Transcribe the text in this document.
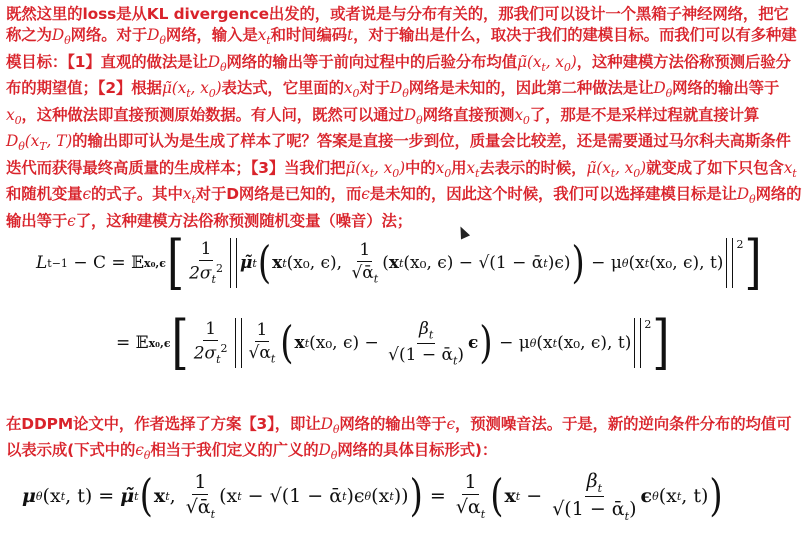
既然这里的loss是从KL divergence出发的，或者说是与分布有关的，那我们可以设计一个黑箱子神经网络，把它称之为$D_\theta$网络。对于$D_\theta$网络，输入是$x_t$和时间编码t，对于输出是什么，取决于我们的建模目标。而我们可以有多种建模目标：【1】直观的做法是让$D_\theta$网络的输出等于前向过程中的后验分布均值$\mũ(x_t$, $x_0$)，这种建模方法俗称预测后验分布的期望值；【2】根据$\mũ(x_t$, $x_0$)表达式，它里面的$x_0$对于$D_\theta$网络是未知的，因此第二种做法是让$D_\theta$网络的输出等于$x_0$，这种做法即直接预测原始数据。有人问，既然可以通过$D_\theta$网络直接预测$x_0$了，那是不是采样过程就直接计算$D_\theta(x_T$, T)的输出即可认为是生成了样本了呢？答案是直接一步到位，质量会比较差，还是需要通过马尔科夫高斯条件迭代而获得最终高质量的生成样本；【3】当我们把$\mũ(x_t$, $x_0$)中的$x_0$用$x_t$去表示的时候，$\mũ(x_t$, $x_0$)就变成了如下只包含$x_t$和随机变量ϵ的式子。其中$x_t$对于D网络是已知的，而ϵ是未知的，因此这个时候，我们可以选择建模目标是让$D_\theta$网络的输出等于ϵ了，这种建模方法俗称预测随机变量（噪音）法；
L t−1 − C = 𝔼 x₀,ϵ [ $\frac{1}{2\sigma_t^2}$ μ̃ t ( x t (x₀, ϵ) , $\frac{1}{√ᾱ_t}$ ( x t (x₀, ϵ) − √(1 − ᾱ t )ϵ) ) − μ θ (x t (x₀, ϵ), t)
$^2$ ]
=
𝔼 x₀,ϵ [ $\frac{1}{2\sigma_t^2} \frac{1}{√\alpha_t}$ ( x t (x₀, $\epsilon) - \frac{\beta_t}{√(1 - ᾱ_t)}$ ϵ ) − μ θ (x t (x₀, ϵ), t)
$^2$ ]
在DDPM论文中，作者选择了方案【3】，即让$D_\theta$网络的输出等于ϵ，预测噪音法。于是，新的逆向条件分布的均值可以表示成(下式中的$\epsilon_\theta$相当于我们定义的广义的$D_\theta$网络的具体目标形式)：
μ θ (x t , t) = μ̃ t ( x t , $\frac{1}{√ᾱ_t} (x$ t − √(1 − ᾱ t )ϵ θ (x t )) ) = $\frac{1}{√\alpha_t}$ ( x $t - \frac{\beta_t}{√(1 - ᾱ_t)}$ ϵ θ (x t , t) )
